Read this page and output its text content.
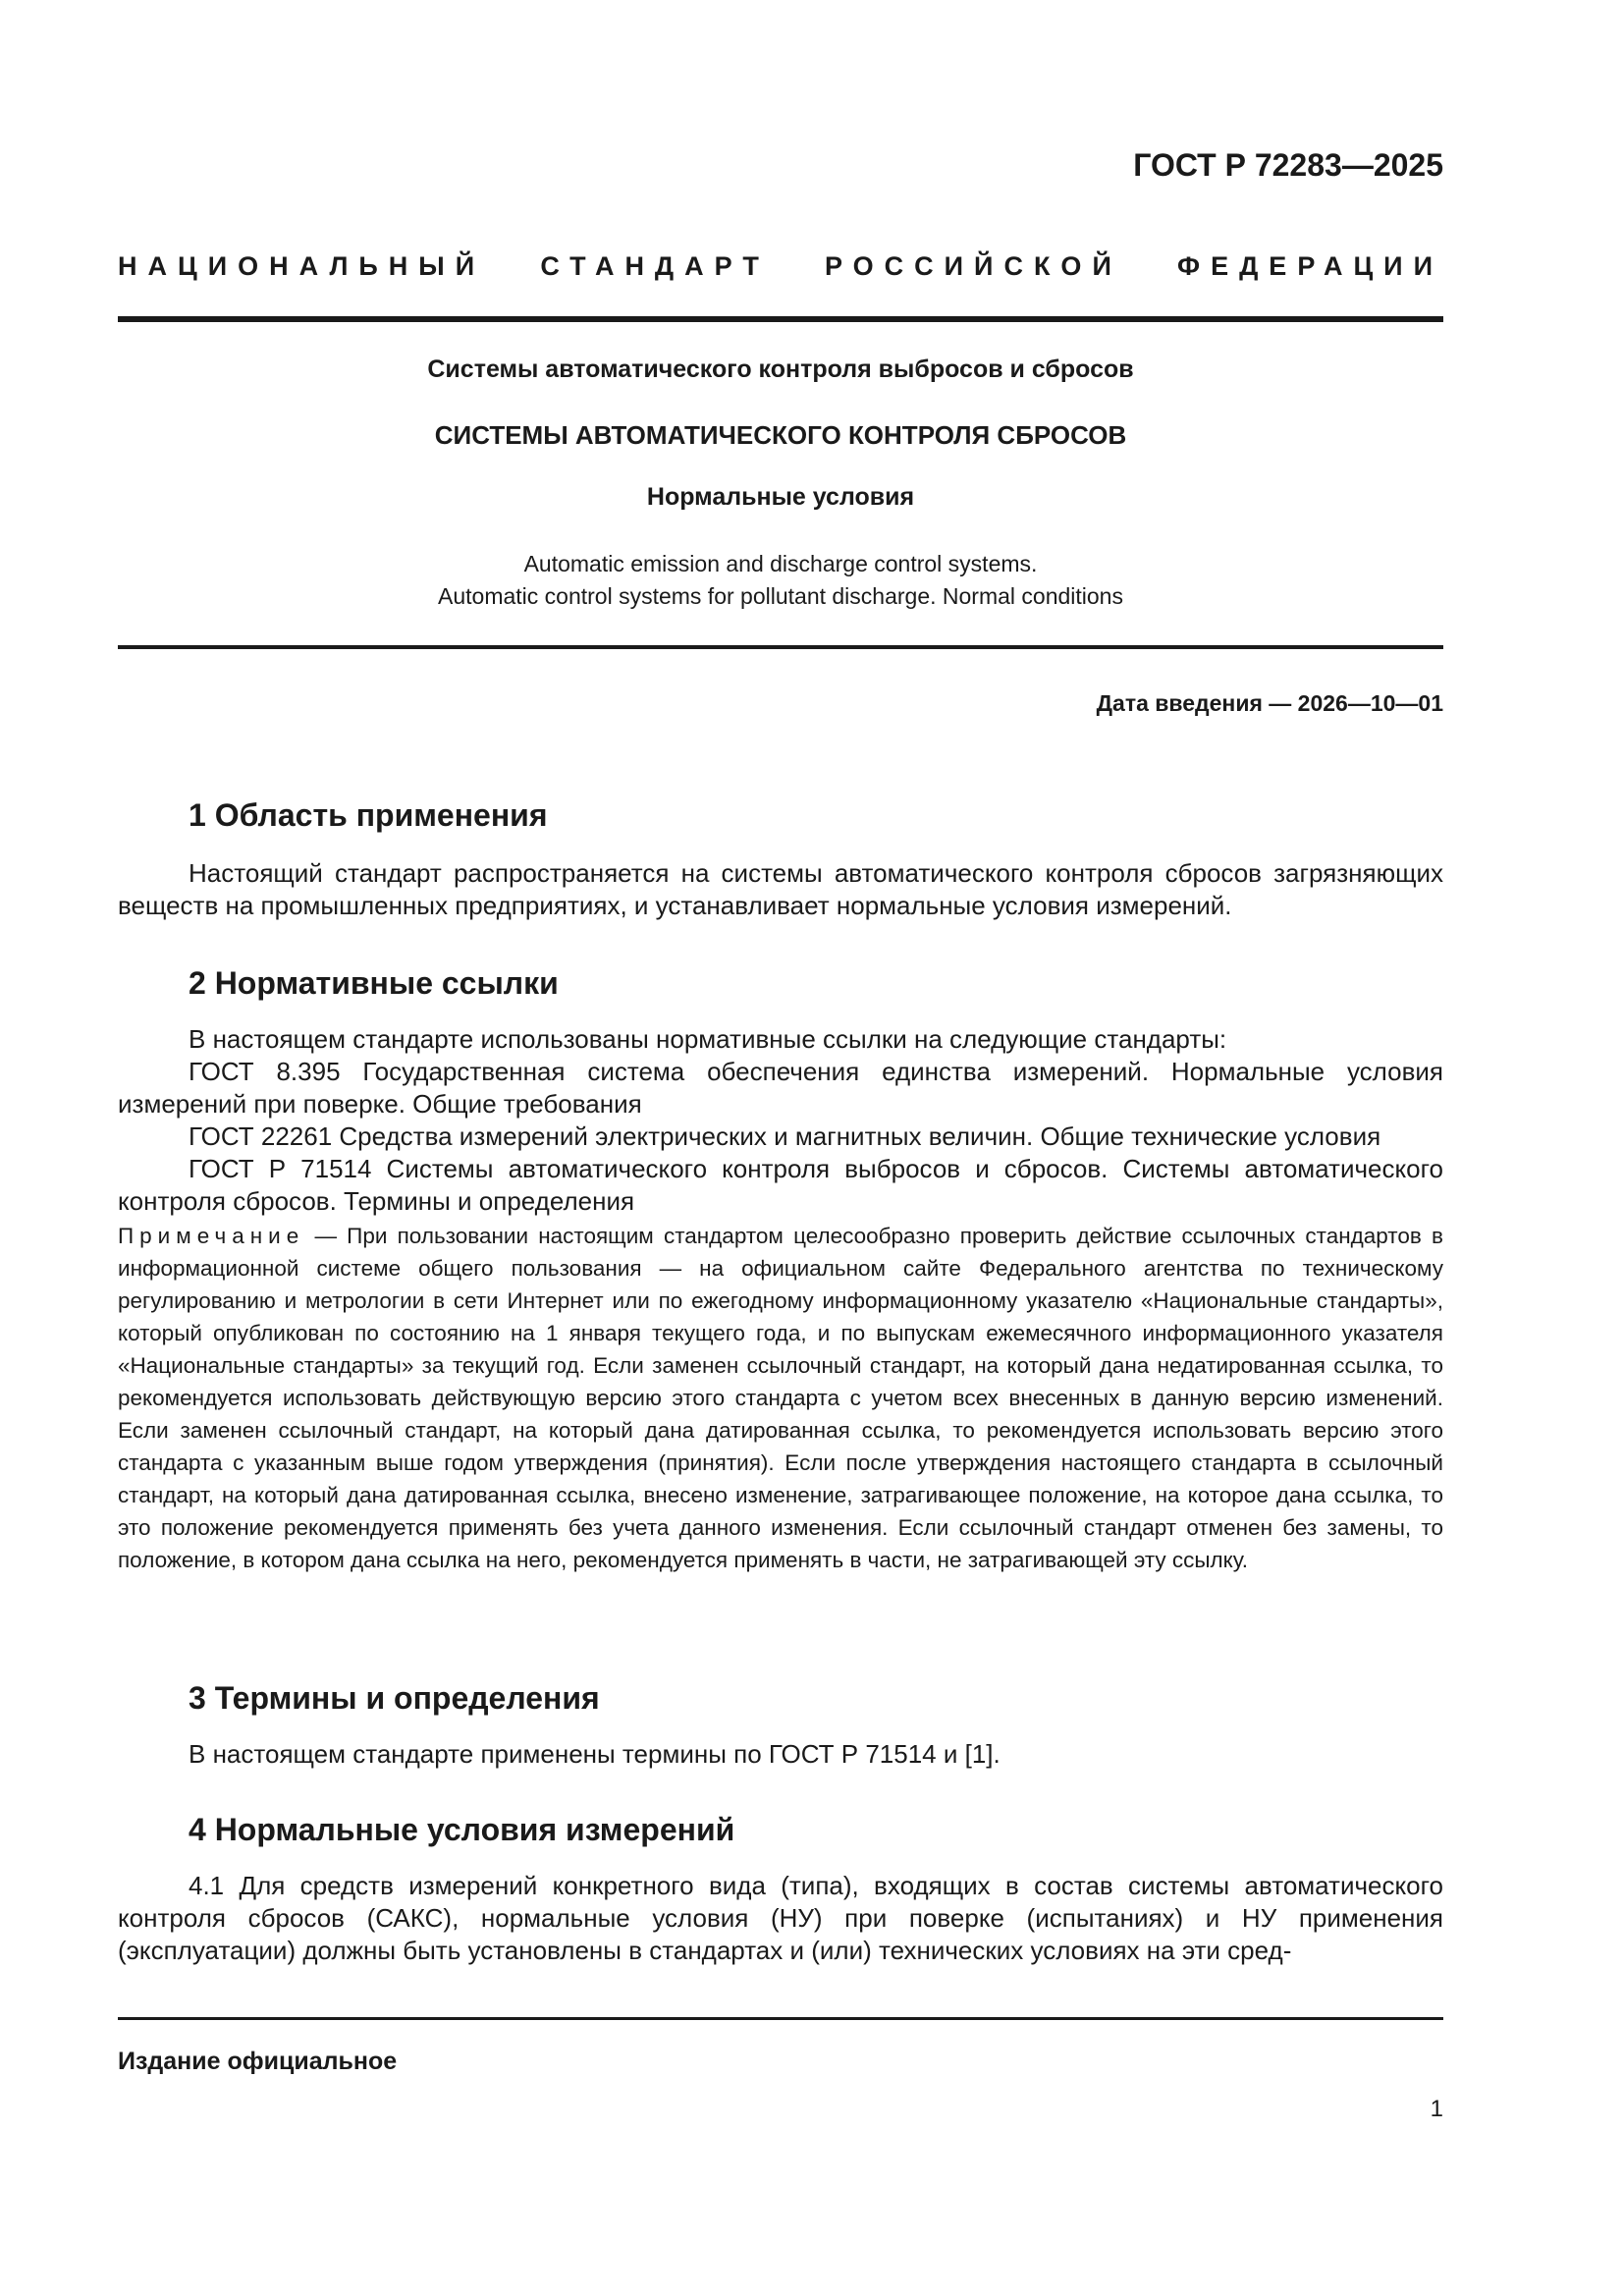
ГОСТ Р 72283—2025
НАЦИОНАЛЬНЫЙ СТАНДАРТ РОССИЙСКОЙ ФЕДЕРАЦИИ
Системы автоматического контроля выбросов и сбросов
СИСТЕМЫ АВТОМАТИЧЕСКОГО КОНТРОЛЯ СБРОСОВ
Нормальные условия
Automatic emission and discharge control systems.
Automatic control systems for pollutant discharge. Normal conditions
Дата введения — 2026—10—01
1 Область применения

Настоящий стандарт распространяется на системы автоматического контроля сбросов загрязняющих веществ на промышленных предприятиях, и устанавливает нормальные условия измерений.

2 Нормативные ссылки

В настоящем стандарте использованы нормативные ссылки на следующие стандарты:

ГОСТ 8.395 Государственная система обеспечения единства измерений. Нормальные условия измерений при поверке. Общие требования

ГОСТ 22261 Средства измерений электрических и магнитных величин. Общие технические условия

ГОСТ Р 71514 Системы автоматического контроля выбросов и сбросов. Системы автоматического контроля сбросов. Термины и определения

Примечание — При пользовании настоящим стандартом целесообразно проверить действие ссылочных стандартов в информационной системе общего пользования — на официальном сайте Федерального агентства по техническому регулированию и метрологии в сети Интернет или по ежегодному информационному указателю «Национальные стандарты», который опубликован по состоянию на 1 января текущего года, и по выпускам ежемесячного информационного указателя «Национальные стандарты» за текущий год. Если заменен ссылочный стандарт, на который дана недатированная ссылка, то рекомендуется использовать действующую версию этого стандарта с учетом всех внесенных в данную версию изменений. Если заменен ссылочный стандарт, на который дана датированная ссылка, то рекомендуется использовать версию этого стандарта с указанным выше годом утверждения (принятия). Если после утверждения настоящего стандарта в ссылочный стандарт, на который дана датированная ссылка, внесено изменение, затрагивающее положение, на которое дана ссылка, то это положение рекомендуется применять без учета данного изменения. Если ссылочный стандарт отменен без замены, то положение, в котором дана ссылка на него, рекомендуется применять в части, не затрагивающей эту ссылку.

3 Термины и определения

В настоящем стандарте применены термины по ГОСТ Р 71514 и [1].

4 Нормальные условия измерений

4.1 Для средств измерений конкретного вида (типа), входящих в состав системы автоматического контроля сбросов (САКС), нормальные условия (НУ) при поверке (испытаниях) и НУ применения (эксплуатации) должны быть установлены в стандартах и (или) технических условиях на эти сред-

Издание официальное
1
